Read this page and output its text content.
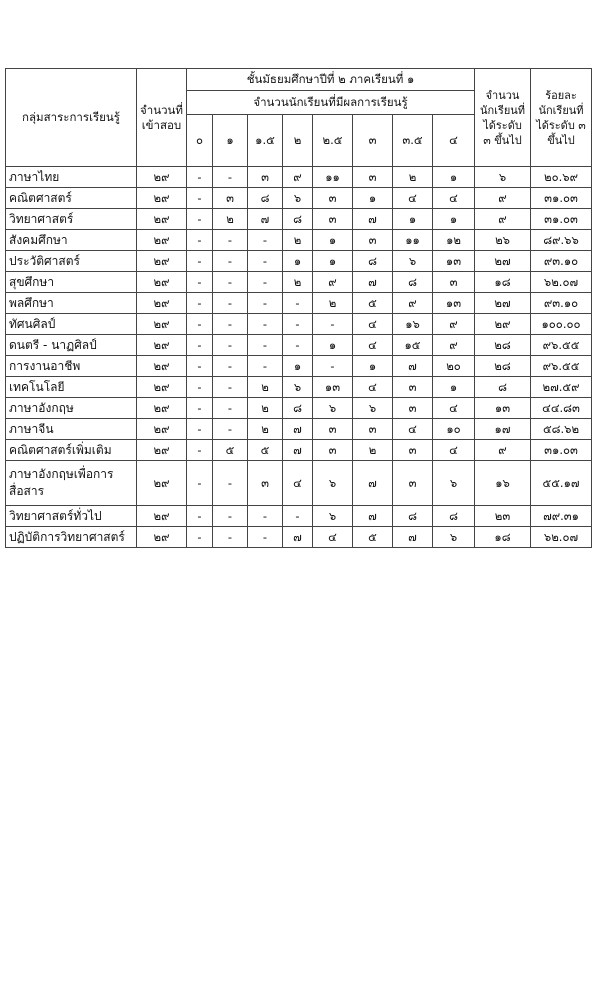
กลุ่มสาระการเรียนรู้	จำนวนที่เข้าสอบ	ชั้นมัธยมศึกษาปีที่ ๒ ภาคเรียนที่ ๑								จำนวนนักเรียนที่ได้ระดับ ๓ ขึ้นไป	ร้อยละนักเรียนที่ได้ระดับ ๓ ขึ้นไป
		จำนวนนักเรียนที่มีผลการเรียนรู้									
		๐	๑	๑.๕	๒	๒.๕	๓	๓.๕	๔		
ภาษาไทย	๒๙	-	-	๓	๙	๑๑	๓	๒	๑	๖	๒๐.๖๙
คณิตศาสตร์	๒๙	-	๓	๘	๖	๓	๑	๔	๔	๙	๓๑.๐๓
วิทยาศาสตร์	๒๙	-	๒	๗	๘	๓	๗	๑	๑	๙	๓๑.๐๓
สังคมศึกษา	๒๙	-	-	-	๒	๑	๓	๑๑	๑๒	๒๖	๘๙.๖๖
ประวัติศาสตร์	๒๙	-	-	-	๑	๑	๘	๖	๑๓	๒๗	๙๓.๑๐
สุขศึกษา	๒๙	-	-	-	๒	๙	๗	๘	๓	๑๘	๖๒.๐๗
พลศึกษา	๒๙	-	-	-	-	๒	๕	๙	๑๓	๒๗	๙๓.๑๐
ทัศนศิลป์	๒๙	-	-	-	-	-	๔	๑๖	๙	๒๙	๑๐๐.๐๐
ดนตรี - นาฏศิลป์	๒๙	-	-	-	-	๑	๔	๑๕	๙	๒๘	๙๖.๕๕
การงานอาชีพ	๒๙	-	-	-	๑	-	๑	๗	๒๐	๒๘	๙๖.๕๕
เทคโนโลยี	๒๙	-	-	๒	๖	๑๓	๔	๓	๑	๘	๒๗.๕๙
ภาษาอังกฤษ	๒๙	-	-	๒	๘	๖	๖	๓	๔	๑๓	๔๔.๘๓
ภาษาจีน	๒๙	-	-	๒	๗	๓	๓	๔	๑๐	๑๗	๕๘.๖๒
คณิตศาสตร์เพิ่มเติม	๒๙	-	๕	๕	๗	๓	๒	๓	๔	๙	๓๑.๐๓
ภาษาอังกฤษเพื่อการสื่อสาร	๒๙	-	-	๓	๔	๖	๗	๓	๖	๑๖	๕๕.๑๗
วิทยาศาสตร์ทั่วไป	๒๙	-	-	-	-	๖	๗	๘	๘	๒๓	๗๙.๓๑
ปฏิบัติการวิทยาศาสตร์	๒๙	-	-	-	๗	๔	๕	๗	๖	๑๘	๖๒.๐๗
